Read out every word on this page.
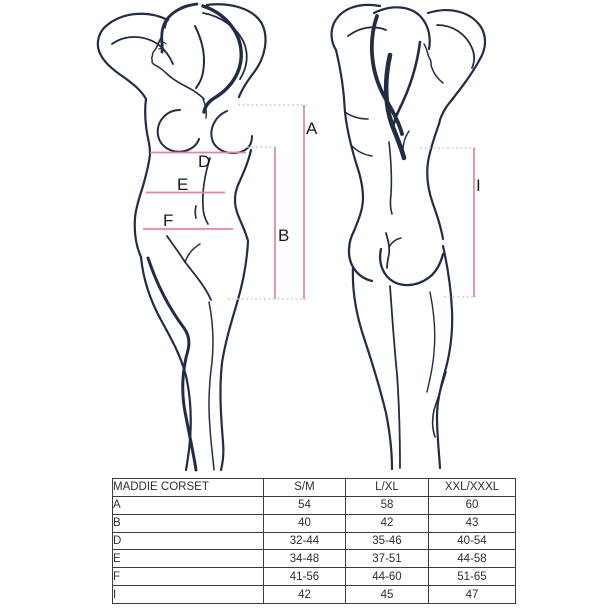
A
B
D
E
F
I
MADDIE CORSET	S/M	L/XL	XXL/XXXL
A	54	58	60
B	40	42	43
D	32-44	35-46	40-54
E	34-48	37-51	44-58
F	41-56	44-60	51-65
I	42	45	47
